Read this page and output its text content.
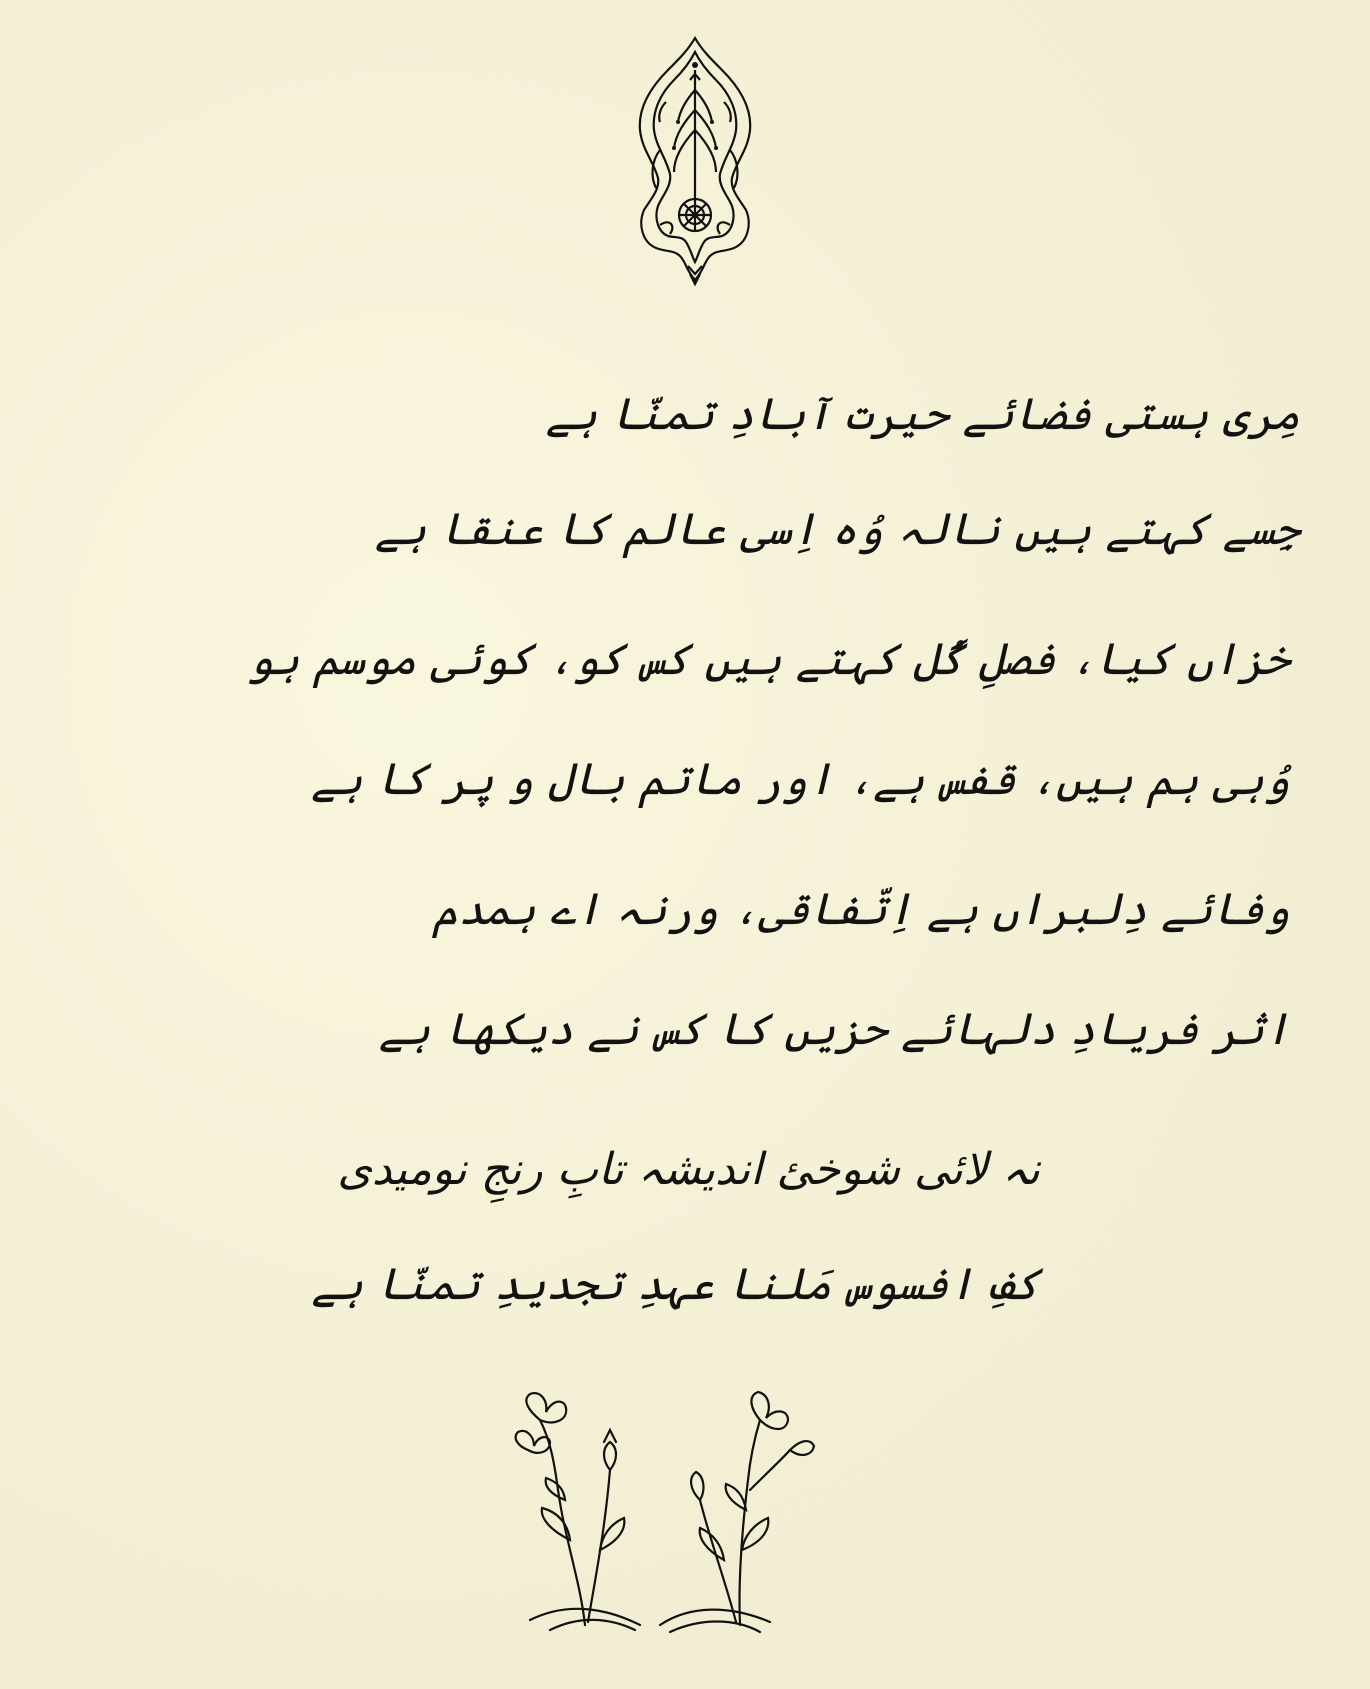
مِری ہستی فضائے حیرت آبادِ تمنّا ہے
جِسے کہتے ہیں نالہ وُہ اِسی عالم کا عنقا ہے
خزاں کیا، فصلِ گُل کہتے ہیں کس کو، کوئی موسم ہو
وُہی ہم ہیں، قفس ہے، اور ماتم بال و پر کا ہے
وفائے دِلبراں ہے اِتّفاقی، ورنہ اے ہمدم
اثر فریادِ دلہائے حزیں کا کس نے دیکھا ہے
نہ لائی شوخئ اندیشہ تابِ رنجِ نومیدی
کفِ افسوس مَلنا عہدِ تجدیدِ تمنّا ہے
